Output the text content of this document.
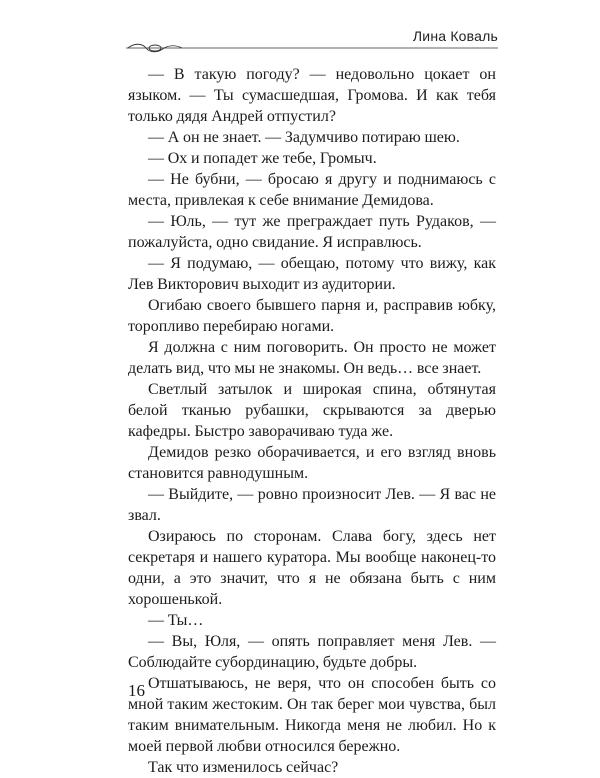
Лина Коваль

— В такую погоду? — недовольно цокает он языком. — Ты сумасшедшая, Громова. И как тебя только дядя Андрей отпустил?

— А он не знает. — Задумчиво потираю шею.

— Ох и попадет же тебе, Громыч.

— Не бубни, — бросаю я другу и поднимаюсь с места, привлекая к себе внимание Демидова.

— Юль, — тут же преграждает путь Рудаков, — пожалуйста, одно свидание. Я исправлюсь.

— Я подумаю, — обещаю, потому что вижу, как Лев Викторович выходит из аудитории.

Огибаю своего бывшего парня и, расправив юбку, торопливо перебираю ногами.

Я должна с ним поговорить. Он просто не может делать вид, что мы не знакомы. Он ведь… все знает.

Светлый затылок и широкая спина, обтянутая белой тканью рубашки, скрываются за дверью кафедры. Быстро заворачиваю туда же.

Демидов резко оборачивается, и его взгляд вновь становится равнодушным.

— Выйдите, — ровно произносит Лев. — Я вас не звал.

Озираюсь по сторонам. Слава богу, здесь нет секретаря и нашего куратора. Мы вообще наконец-то одни, а это значит, что я не обязана быть с ним хорошенькой.

— Ты…

— Вы, Юля, — опять поправляет меня Лев. — Соблюдайте субординацию, будьте добры.

Отшатываюсь, не веря, что он способен быть со мной таким жестоким. Он так берег мои чувства, был таким внимательным. Никогда меня не любил. Но к моей первой любви относился бережно.

Так что изменилось сейчас?

16
